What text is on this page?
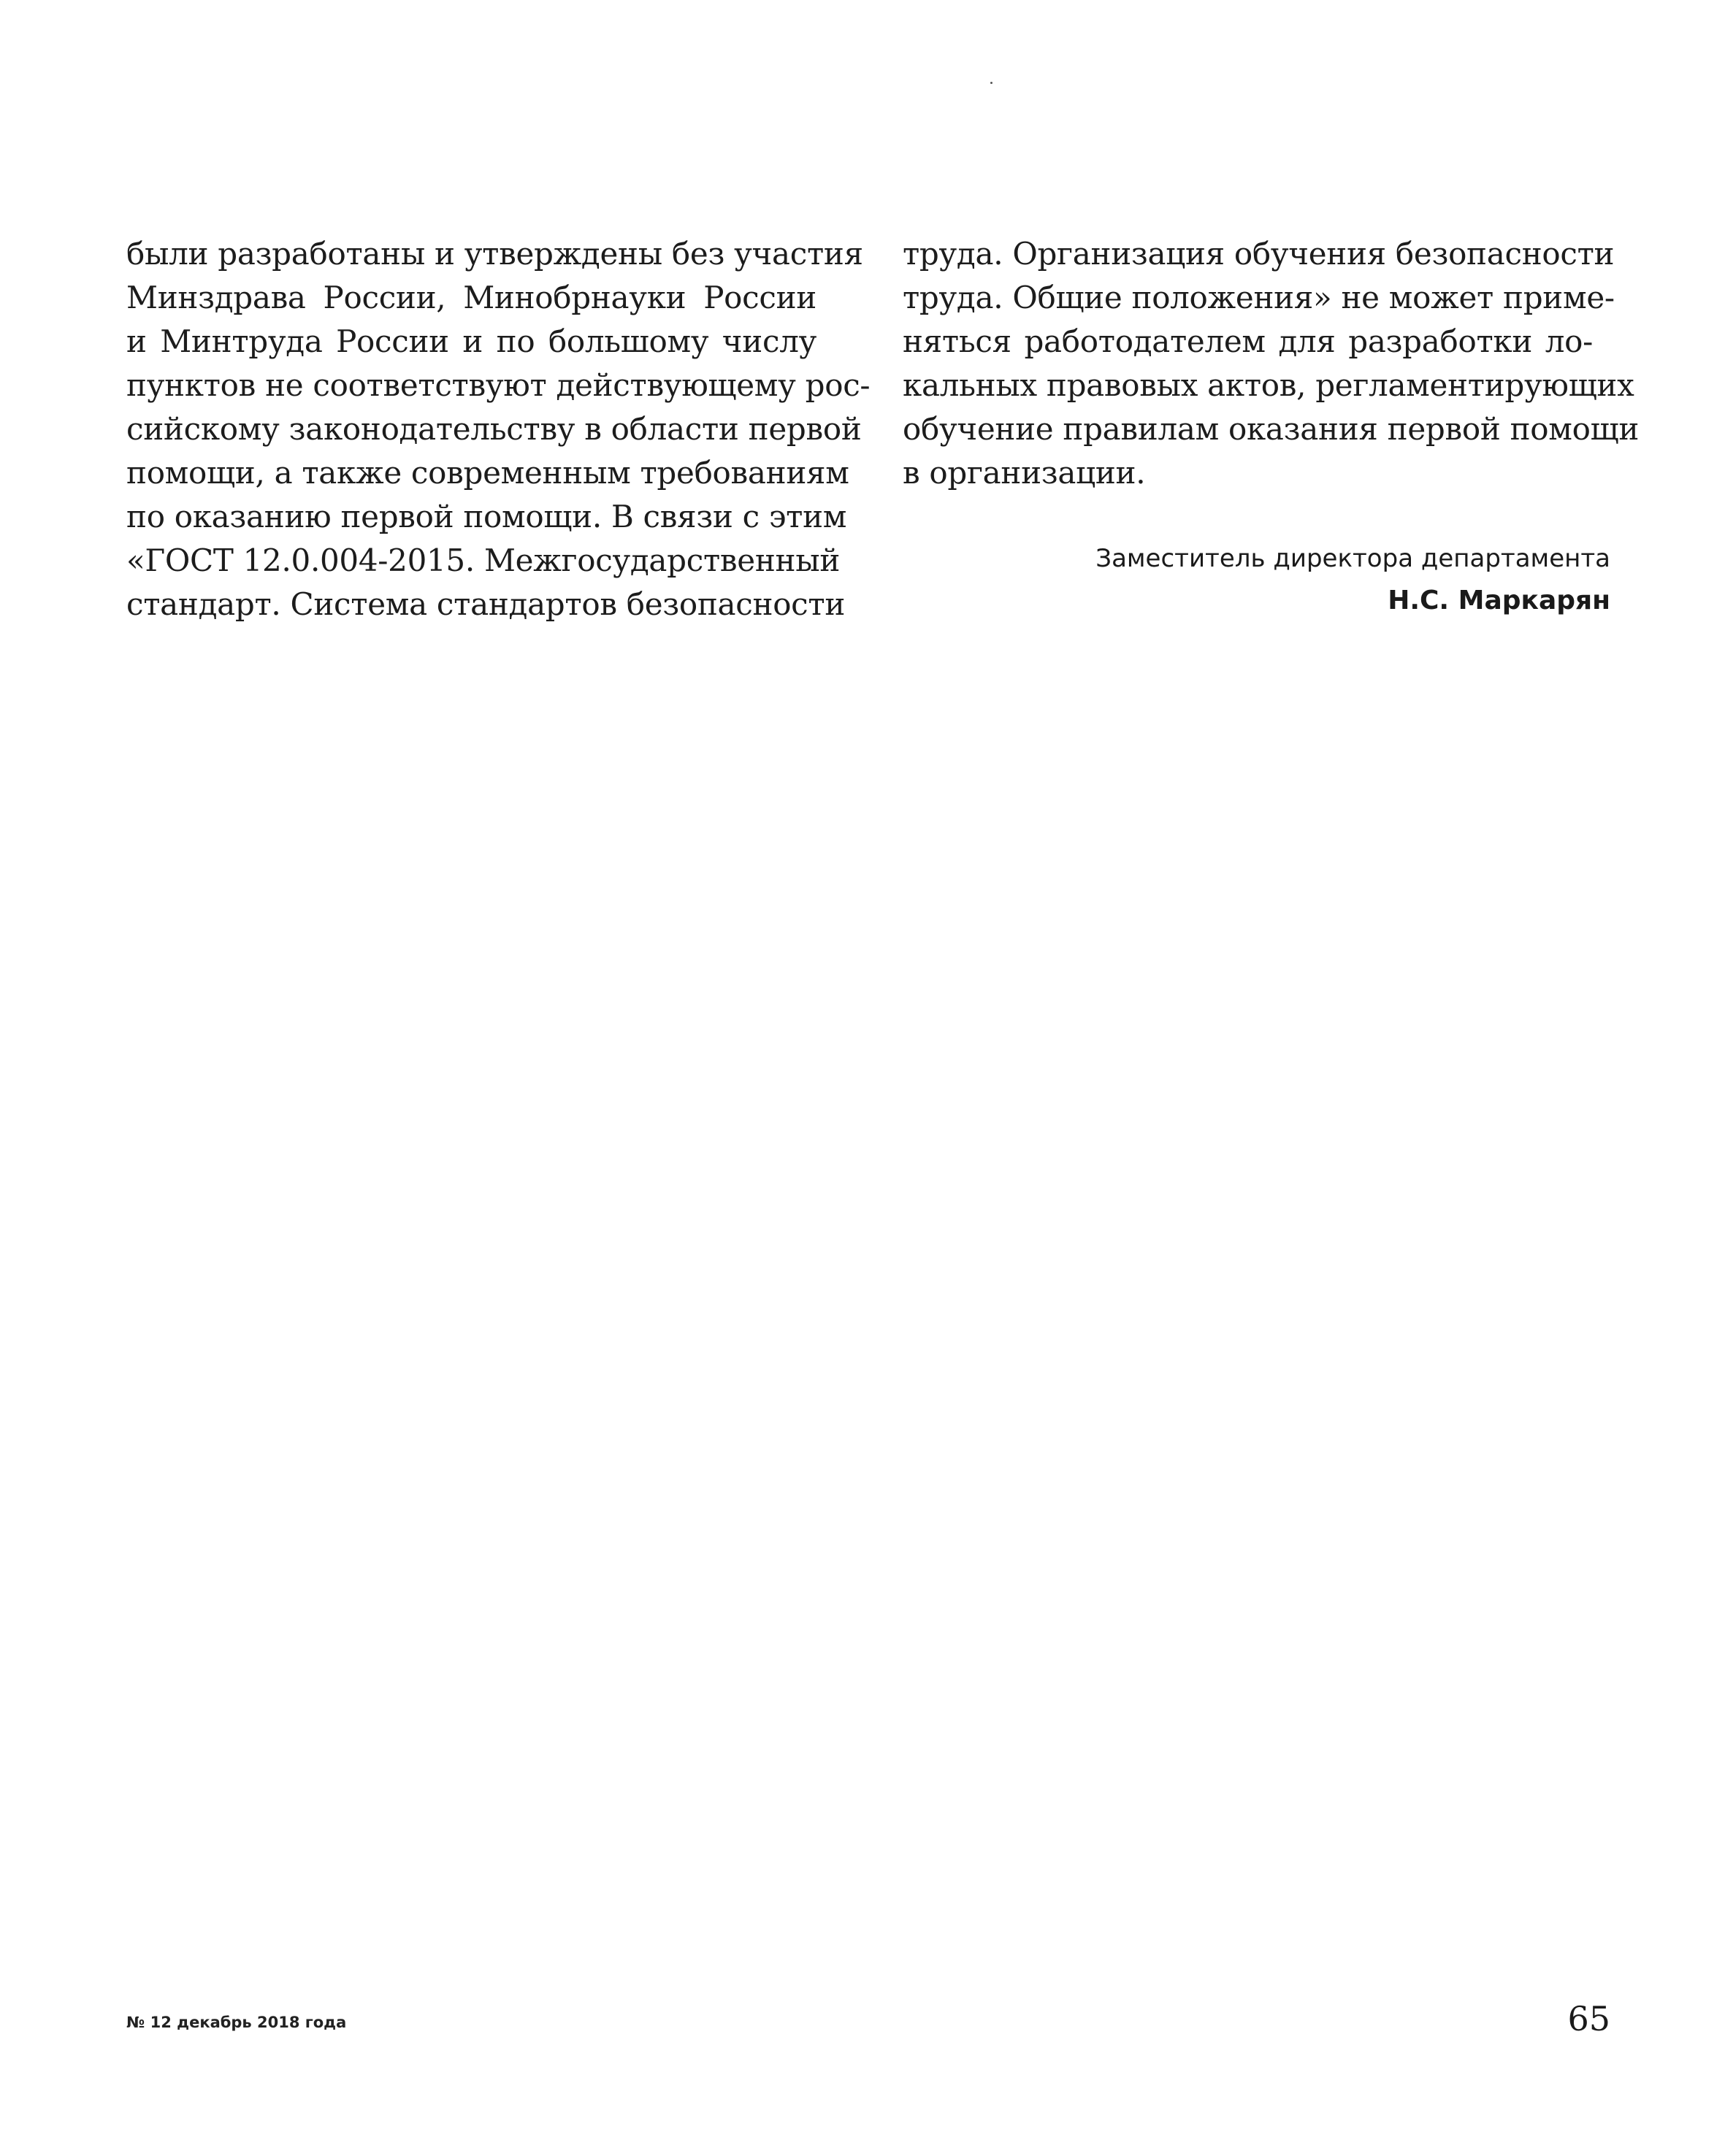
были разработаны и утверждены без участия
Минздрава России, Минобрнауки России
и Минтруда России и по большому числу
пунктов не соответствуют действующему рос-
сийскому законодательству в области первой
помощи, а также современным требованиям
по оказанию первой помощи. В связи с этим
«ГОСТ 12.0.004-2015. Межгосударственный
стандарт. Система стандартов безопасности
труда. Организация обучения безопасности
труда. Общие положения» не может приме-
няться работодателем для разработки ло-
кальных правовых актов, регламентирующих
обучение правилам оказания первой помощи
в организации.
Заместитель директора департамента
Н.С. Маркарян
№ 12 декабрь 2018 года	65
